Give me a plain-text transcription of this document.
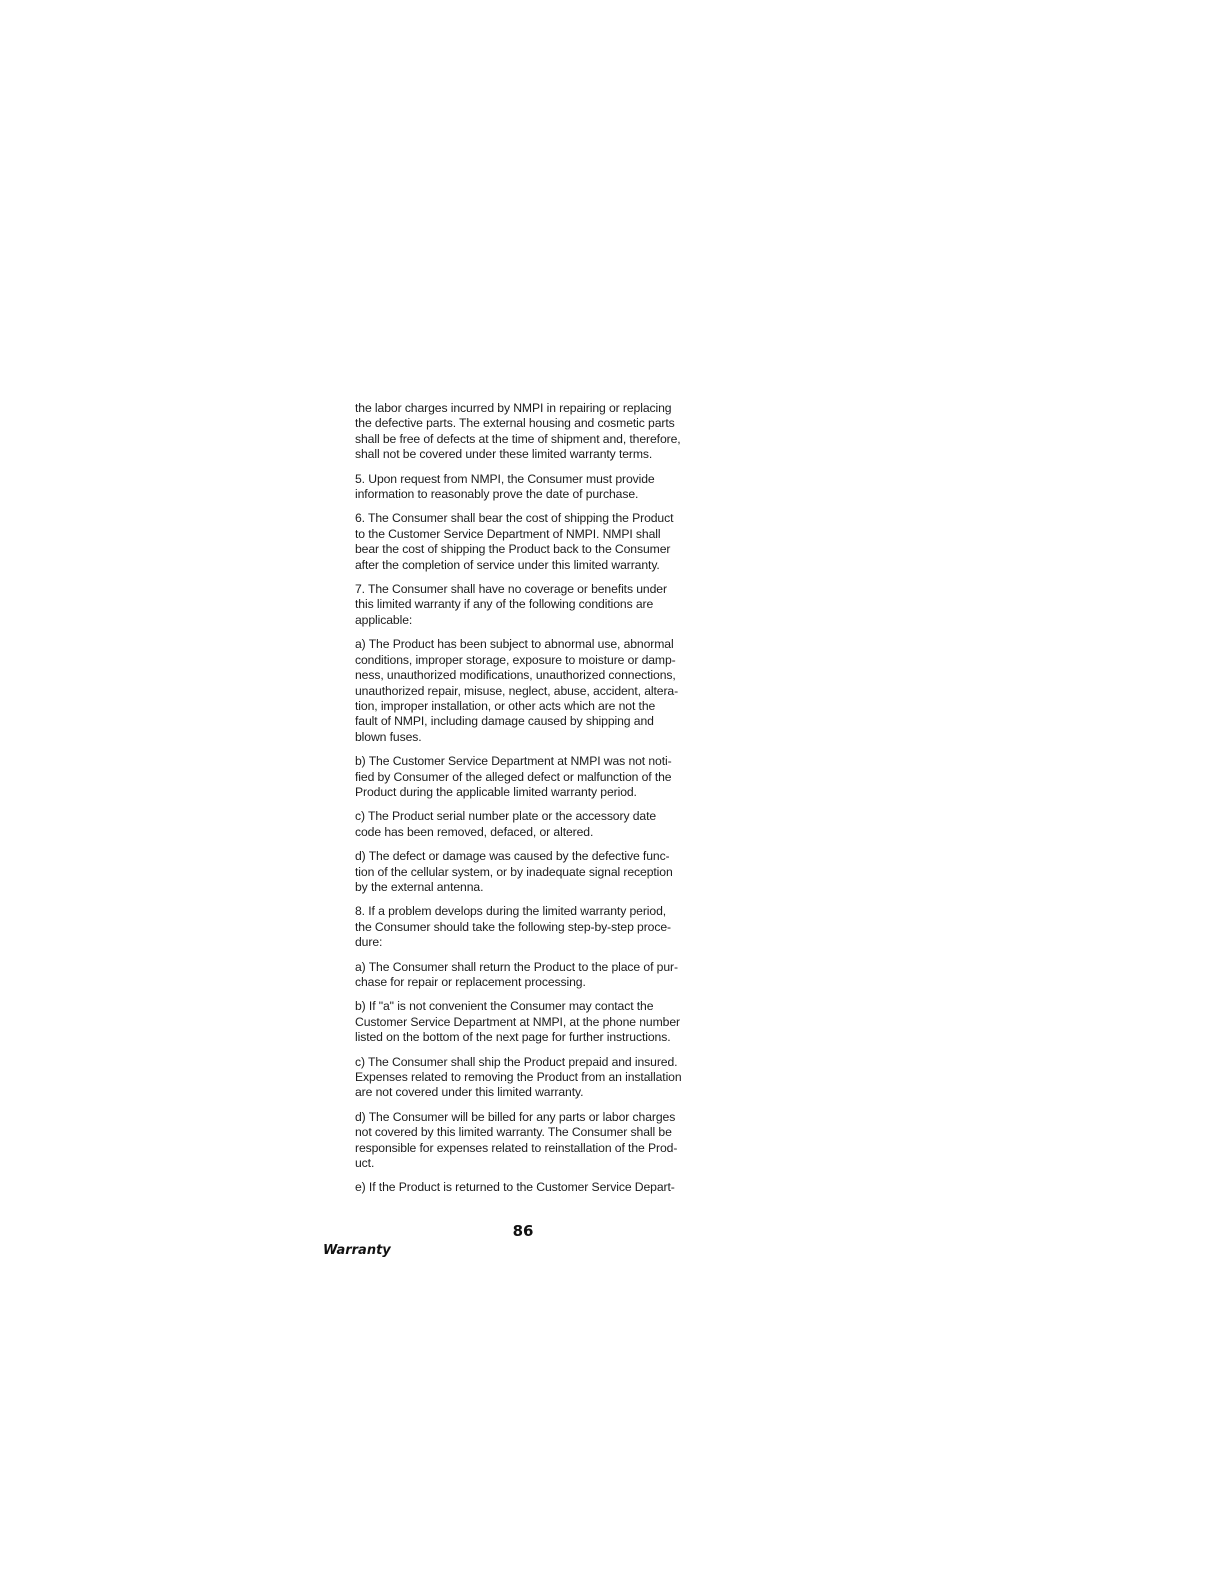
the labor charges incurred by NMPI in repairing or replacing
the defective parts. The external housing and cosmetic parts
shall be free of defects at the time of shipment and, therefore,
shall not be covered under these limited warranty terms.
5. Upon request from NMPI, the Consumer must provide
information to reasonably prove the date of purchase.
6. The Consumer shall bear the cost of shipping the Product
to the Customer Service Department of NMPI. NMPI shall
bear the cost of shipping the Product back to the Consumer
after the completion of service under this limited warranty.
7. The Consumer shall have no coverage or benefits under
this limited warranty if any of the following conditions are
applicable:
a) The Product has been subject to abnormal use, abnormal
conditions, improper storage, exposure to moisture or damp-
ness, unauthorized modifications, unauthorized connections,
unauthorized repair, misuse, neglect, abuse, accident, altera-
tion, improper installation, or other acts which are not the
fault of NMPI, including damage caused by shipping and
blown fuses.
b) The Customer Service Department at NMPI was not noti-
fied by Consumer of the alleged defect or malfunction of the
Product during the applicable limited warranty period.
c) The Product serial number plate or the accessory date
code has been removed, defaced, or altered.
d) The defect or damage was caused by the defective func-
tion of the cellular system, or by inadequate signal reception
by the external antenna.
8. If a problem develops during the limited warranty period,
the Consumer should take the following step-by-step proce-
dure:
a) The Consumer shall return the Product to the place of pur-
chase for repair or replacement processing.
b) If "a" is not convenient the Consumer may contact the
Customer Service Department at NMPI, at the phone number
listed on the bottom of the next page for further instructions.
c) The Consumer shall ship the Product prepaid and insured.
Expenses related to removing the Product from an installation
are not covered under this limited warranty.
d) The Consumer will be billed for any parts or labor charges
not covered by this limited warranty. The Consumer shall be
responsible for expenses related to reinstallation of the Prod-
uct.
e) If the Product is returned to the Customer Service Depart-
86
Warranty
